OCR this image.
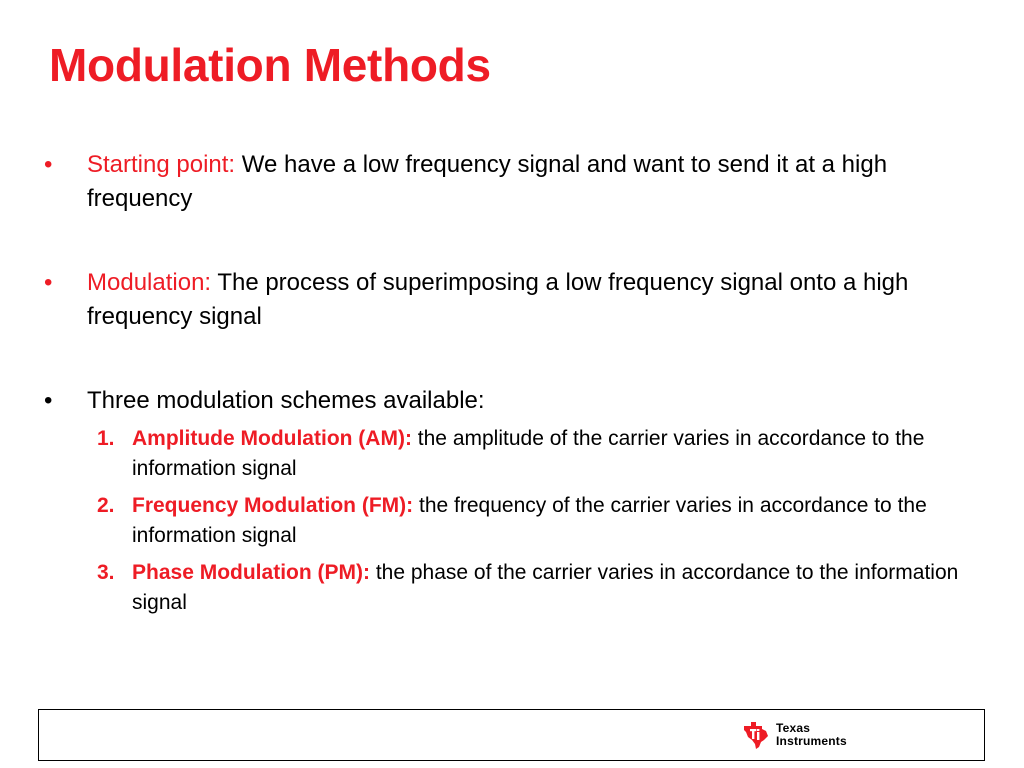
Modulation Methods
•	Starting point: We have a low frequency signal and want to send it at a high frequency
•	Modulation: The process of superimposing a low frequency signal onto a high frequency signal
•	Three modulation schemes available:
1. Amplitude Modulation (AM): the amplitude of the carrier varies in accordance to the information signal
2. Frequency Modulation (FM): the frequency of the carrier varies in accordance to the information signal
3. Phase Modulation (PM): the phase of the carrier varies in accordance to the information signal
Texas
Instruments
